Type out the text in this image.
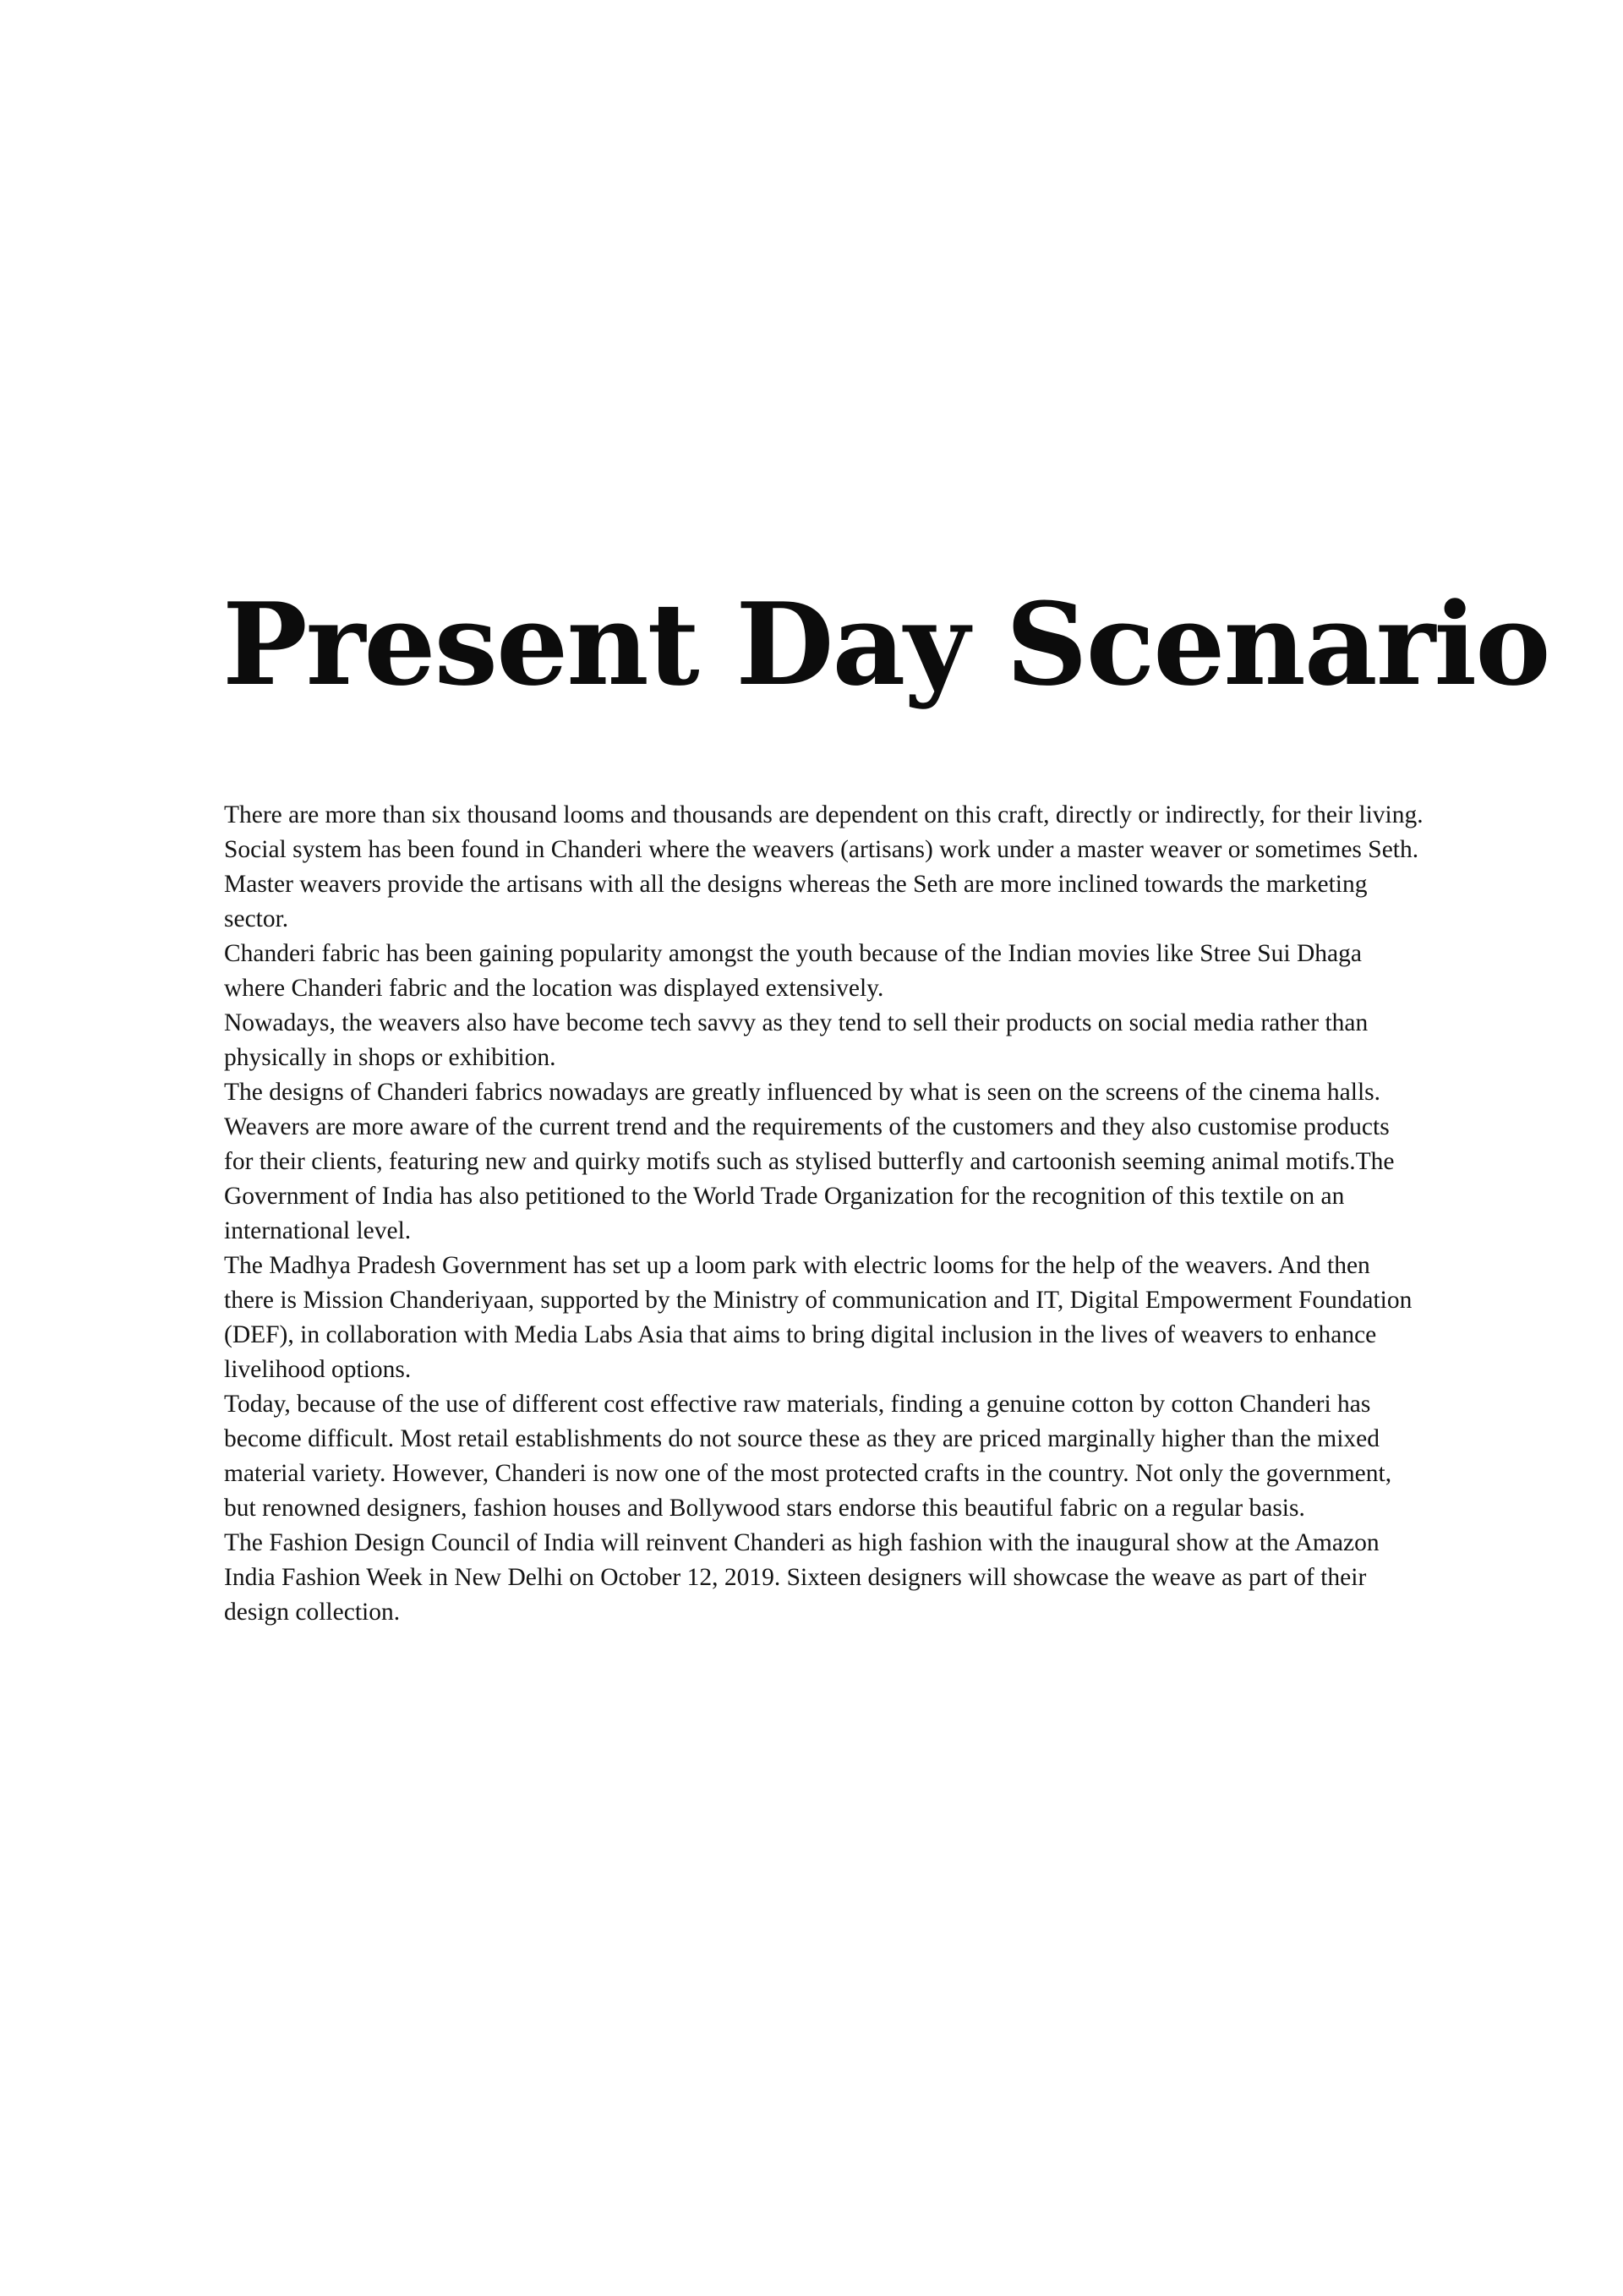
Present Day Scenario

There are more than six thousand looms and thousands are dependent on this craft, directly or indirectly, for their living. Social system has been found in Chanderi where the weavers (artisans) work under a master weaver or sometimes Seth. Master weavers provide the artisans with all the designs whereas the Seth are more inclined towards the marketing sector.

Chanderi fabric has been gaining popularity amongst the youth because of the Indian movies like Stree Sui Dhaga where Chanderi fabric and the location was displayed extensively.

Nowadays, the weavers also have become tech savvy as they tend to sell their products on social media rather than physically in shops or exhibition.

The designs of Chanderi fabrics nowadays are greatly influenced by what is seen on the screens of the cinema halls. Weavers are more aware of the current trend and the requirements of the customers and they also customise products for their clients, featuring new and quirky motifs such as stylised butterfly and cartoonish seeming animal motifs.The Government of India has also petitioned to the World Trade Organization for the recognition of this textile on an international level.

The Madhya Pradesh Government has set up a loom park with electric looms for the help of the weavers. And then there is Mission Chanderiyaan, supported by the Ministry of communication and IT, Digital Empowerment Foundation (DEF), in collaboration with Media Labs Asia that aims to bring digital inclusion in the lives of weavers to enhance livelihood options.

Today, because of the use of different cost effective raw materials, finding a genuine cotton by cotton Chanderi has become difficult. Most retail establishments do not source these as they are priced marginally higher than the mixed material variety. However, Chanderi is now one of the most protected crafts in the country. Not only the government, but renowned designers, fashion houses and Bollywood stars endorse this beautiful fabric on a regular basis.

The Fashion Design Council of India will reinvent Chanderi as high fashion with the inaugural show at the Amazon India Fashion Week in New Delhi on October 12, 2019. Sixteen designers will showcase the weave as part of their design collection.
